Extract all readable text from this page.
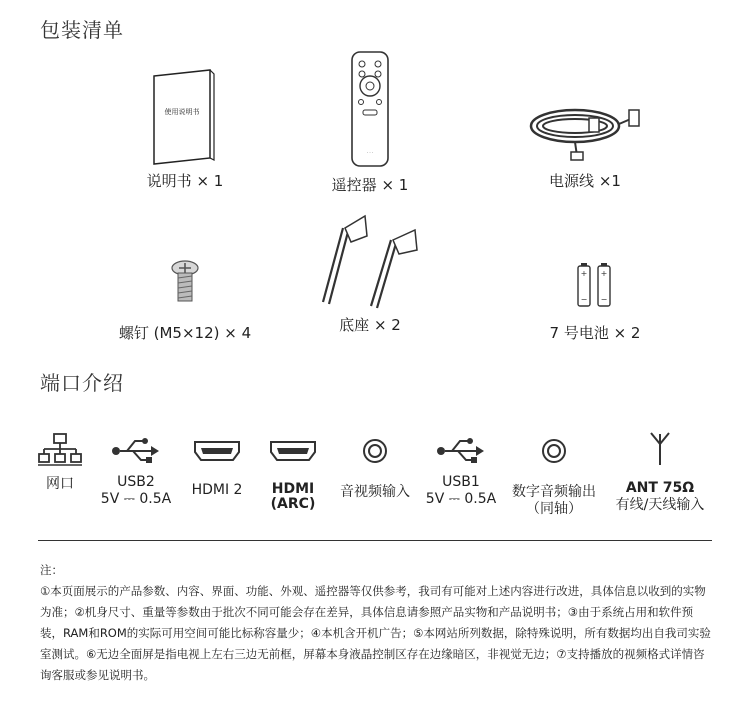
包装清单
使用说明书
说明书 × 1
· · ·
遥控器 × 1	电源线 ×1
螺钉 (M5×12) × 4	底座 × 2
+
−
+
−
7 号电池 × 2
端口介绍
网口	USB2
5V ⎓ 0.5A
HDMI 2	HDMI
(ARC)
音视频输入
USB1
5V ⎓ 0.5A	数字音频输出
（同轴）
ANT 75Ω
有线/天线输入

注：

①本页面展示的产品参数、内容、界面、功能、外观、遥控器等仅供参考，我司有可能对上述内容进行改进，具体信息以收到的实物为准；②机身尺寸、重量等参数由于批次不同可能会存在差异，具体信息请参照产品实物和产品说明书；③由于系统占用和软件预装，RAM和ROM的实际可用空间可能比标称容量少；④本机含开机广告；⑤本网站所列数据，除特殊说明，所有数据均出自我司实验室测试。⑥无边全面屏是指电视上左右三边无前框，屏幕本身液晶控制区存在边缘暗区，非视觉无边；⑦支持播放的视频格式详情咨询客服或参见说明书。
